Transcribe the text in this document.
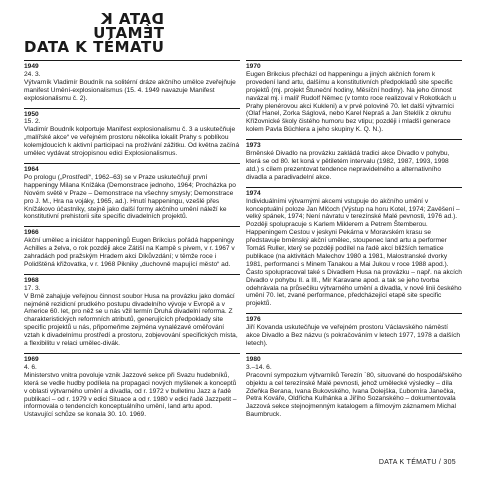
DATA K TÉMATU
DATA K TÉMATU
1949
24. 3.
Výtvarník Vladimír Boudník na solitérní dráze akčního umělce zveřejňuje manifest Umění-explosionalismus (15. 4. 1949 navazuje Manifest explosionalismu č. 2).
1950
15. 2.
Vladimír Boudník kolportuje Manifest explosionalismu č. 3 a uskutečňuje „malířské akce“ ve veřejném prostoru několika lokalit Prahy s poblíkou kolemjdoucích k aktivní participaci na prožívání zážitku. Od května začíná umělec vydávat strojopisnou edici Explosionalismus.
1964
Po prologu („Prostředí“, 1962–63) se v Praze uskutečňují první happeningy Milana Knížáka (Demonstrace jednoho, 1964; Procházka po Novém světě v Praze – Demonstrace na všechny smysly; Demonstrace pro J. M., Hra na vojáky, 1965, ad.). Hnutí happeningu, vzešlé přes Knížákovo účastníky, stejně jako další formy akčního umění náleží ke konstitutivní prehistorii site specific divadelních projektů.
1966
Akční umělec a iniciátor happeningů Eugen Brikcius pořádá happeningy Achilles a želva, o rok později akce Zátiší na Kampě s pivem, v r. 1967 v zahradách pod pražským Hradem akci Díkůvzdání; v těmže roce i Polidštěná křižovatka, v r. 1968 Pikniky „duchovně mapující město“ ad.
1968
17. 3.
V Brně zahajuje veřejnou činnost soubor Husa na provázku jako domácí nejméně rezidicní prudkého postupu divadelního vývoje v Evropě a v Americe 60. let, pro něž se u nás vžil termín Druhá divadelní reforma. Z charakteristických reformních atributů, generujících předpoklady site specific projektů u nás, připomeňme zejména vynalézavé oměřování vztah k divadelnímu prostředí a prostoru, zobjevování specifických místa, a flexibilitu v relaci umělec-divák.
1969
4. 6.
Ministerstvo vnitra povoluje vznik Jazzové sekce při Svazu hudebníků, která se vedle hudby podílela na propagaci nových myšlenek a konceptů v oblasti výtvarného umění a divadla, od r. 1972 v bulletinu Jazz a řadě publikací – od r. 1979 v edici Situace a od r. 1980 v edici řadě Jazzpetit – informovala o tendencích konceptuálního umění, land artu apod. Ustavující schůze se konala 30. 10. 1969.
1970
Eugen Brikcius přechází od happeningu a jiných akčních forem k provedení land artu, dalšímu a konstitutivních předpokladů site specific projektů (mj. projekt Štuneční hodiny, Měsíční hodiny). Na jeho činnost navázal mj. i malíř Rudolf Němec (v tomto roce realizoval v Rokotkách u Prahy plenérovou akci Kukleni) a v prvé polovině 70. let další výtvarníci (Olaf Hanel, Zorka Ságlová, nebo Karel Nepraš a Jan Steklík z okruhu Křížovnické školy čistého humoru bez vtipu; později i mladší generace kolem Pavla Büchlera a jeho skupiny K. Q. N.).
1973
Brněnské Divadlo na provázku zakládá tradici akce Divadlo v pohybu, která se od 80. let koná v pětiletém intervalu (1982, 1987, 1993, 1998 atd.) s cílem prezentovat tendence nepravidelného a alternativního divadla a paradivadelní akce.
1974
Individuálními výtvarnými akcemi vstupuje do akčního umění v konceptuální poloze Jan Mlčoch (Výstup na horu Kotel, 1974; Zavěšení – velký spánek, 1974; Není návratu v terezínské Malé pevnosti, 1976 ad.). Později spolupracuje s Karlem Miklerem a Petrem Štemberou.
Happeningem Cestou v jeskyni Pekárna v Moravském krasu se představuje brněnský akční umělec, stoupenec land artu a performer Tomáš Ruller, který se později podílel na řadě akcí bližších tematice publikace (na aktivitách Malechov 1980 a 1981, Malostranské dvorky 1981, performanci s Minem Tanakou a Mai Jukou v roce 1988 apod.). Často spolupracoval také s Divadlem Husa na provázku – např. na akcích Divadlo v pohybu II. a III., Mir Karavane apod. a tak se jeho tvorba odehrávala na průsečíku výtvarného umění a divadla, v nové linii českého umění 70. let, zvané performance, předcházející etapě site specific projektů.
1976
Jiří Kovanda uskutečňuje ve veřejném prostoru Václavského náměstí akce Divadlo a Bez názvu (s pokračováním v letech 1977, 1978 a dalších letech).
1980
3.–14. 6.
Pracovní sympozium výtvarníků Terezín ´80, situované do hospodářského objektu a cel terezínské Malé pevnosti, jehož umělecké výsledky – díla Zdeňka Berana, Ivana Bukovského, Ivana Dolejška, Ľubomíra Janečka, Petra Kováře, Oldřicha Kulhánka a Jiřího Sozanského – dokumentovala Jazzová sekce stejnojmenným katalogem a filmovým záznamem Michal Baumbruck.
DATA K TÉMATU / 305
